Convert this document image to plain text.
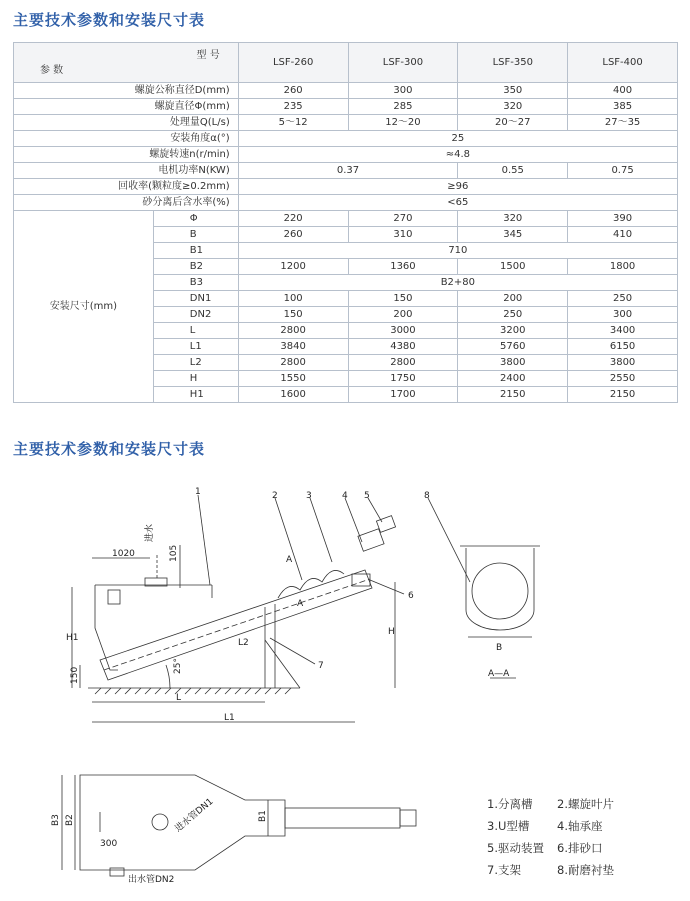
主要技术参数和安装尺寸表
型 号
参 数		LSF-260	LSF-300	LSF-350	LSF-400
螺旋公称直径D(mm)		260	300	350	400
螺旋直径Φ(mm)		235	285	320	385
处理量Q(L/s)		5～12	12～20	20～27	27～35
安装角度α(°)		25			
螺旋转速n(r/min)		≈4.8			
电机功率N(KW)		0.37		0.55	0.75
回收率(颗粒度≥0.2mm)		≥96			
砂分离后含水率(%)		<65			
安装尺寸(mm)	Φ	220	270	320	390
	B	260	310	345	410
	B1	710			
	B2	1200	1360	1500	1800
	B3	B2+80			
	DN1	100	150	200	250
	DN2	150	200	250	300
	L	2800	3000	3200	3400
	L1	3840	4380	5760	6150
	L2	2800	2800	3800	3800
	H	1550	1750	2400	2550
	H1	1600	1700	2150	2150
主要技术参数和安装尺寸表
1	2	3	4 5
6
7
8
1020	105
进水
H1
150
25°
L2
H
L
L1
A
A
B
A—A
B3 B2	B1
300
进水管DN1
出水管DN2
1.分离槽	2.螺旋叶片
3.U型槽	4.轴承座
5.驱动装置	6.排砂口
7.支架	8.耐磨衬垫
